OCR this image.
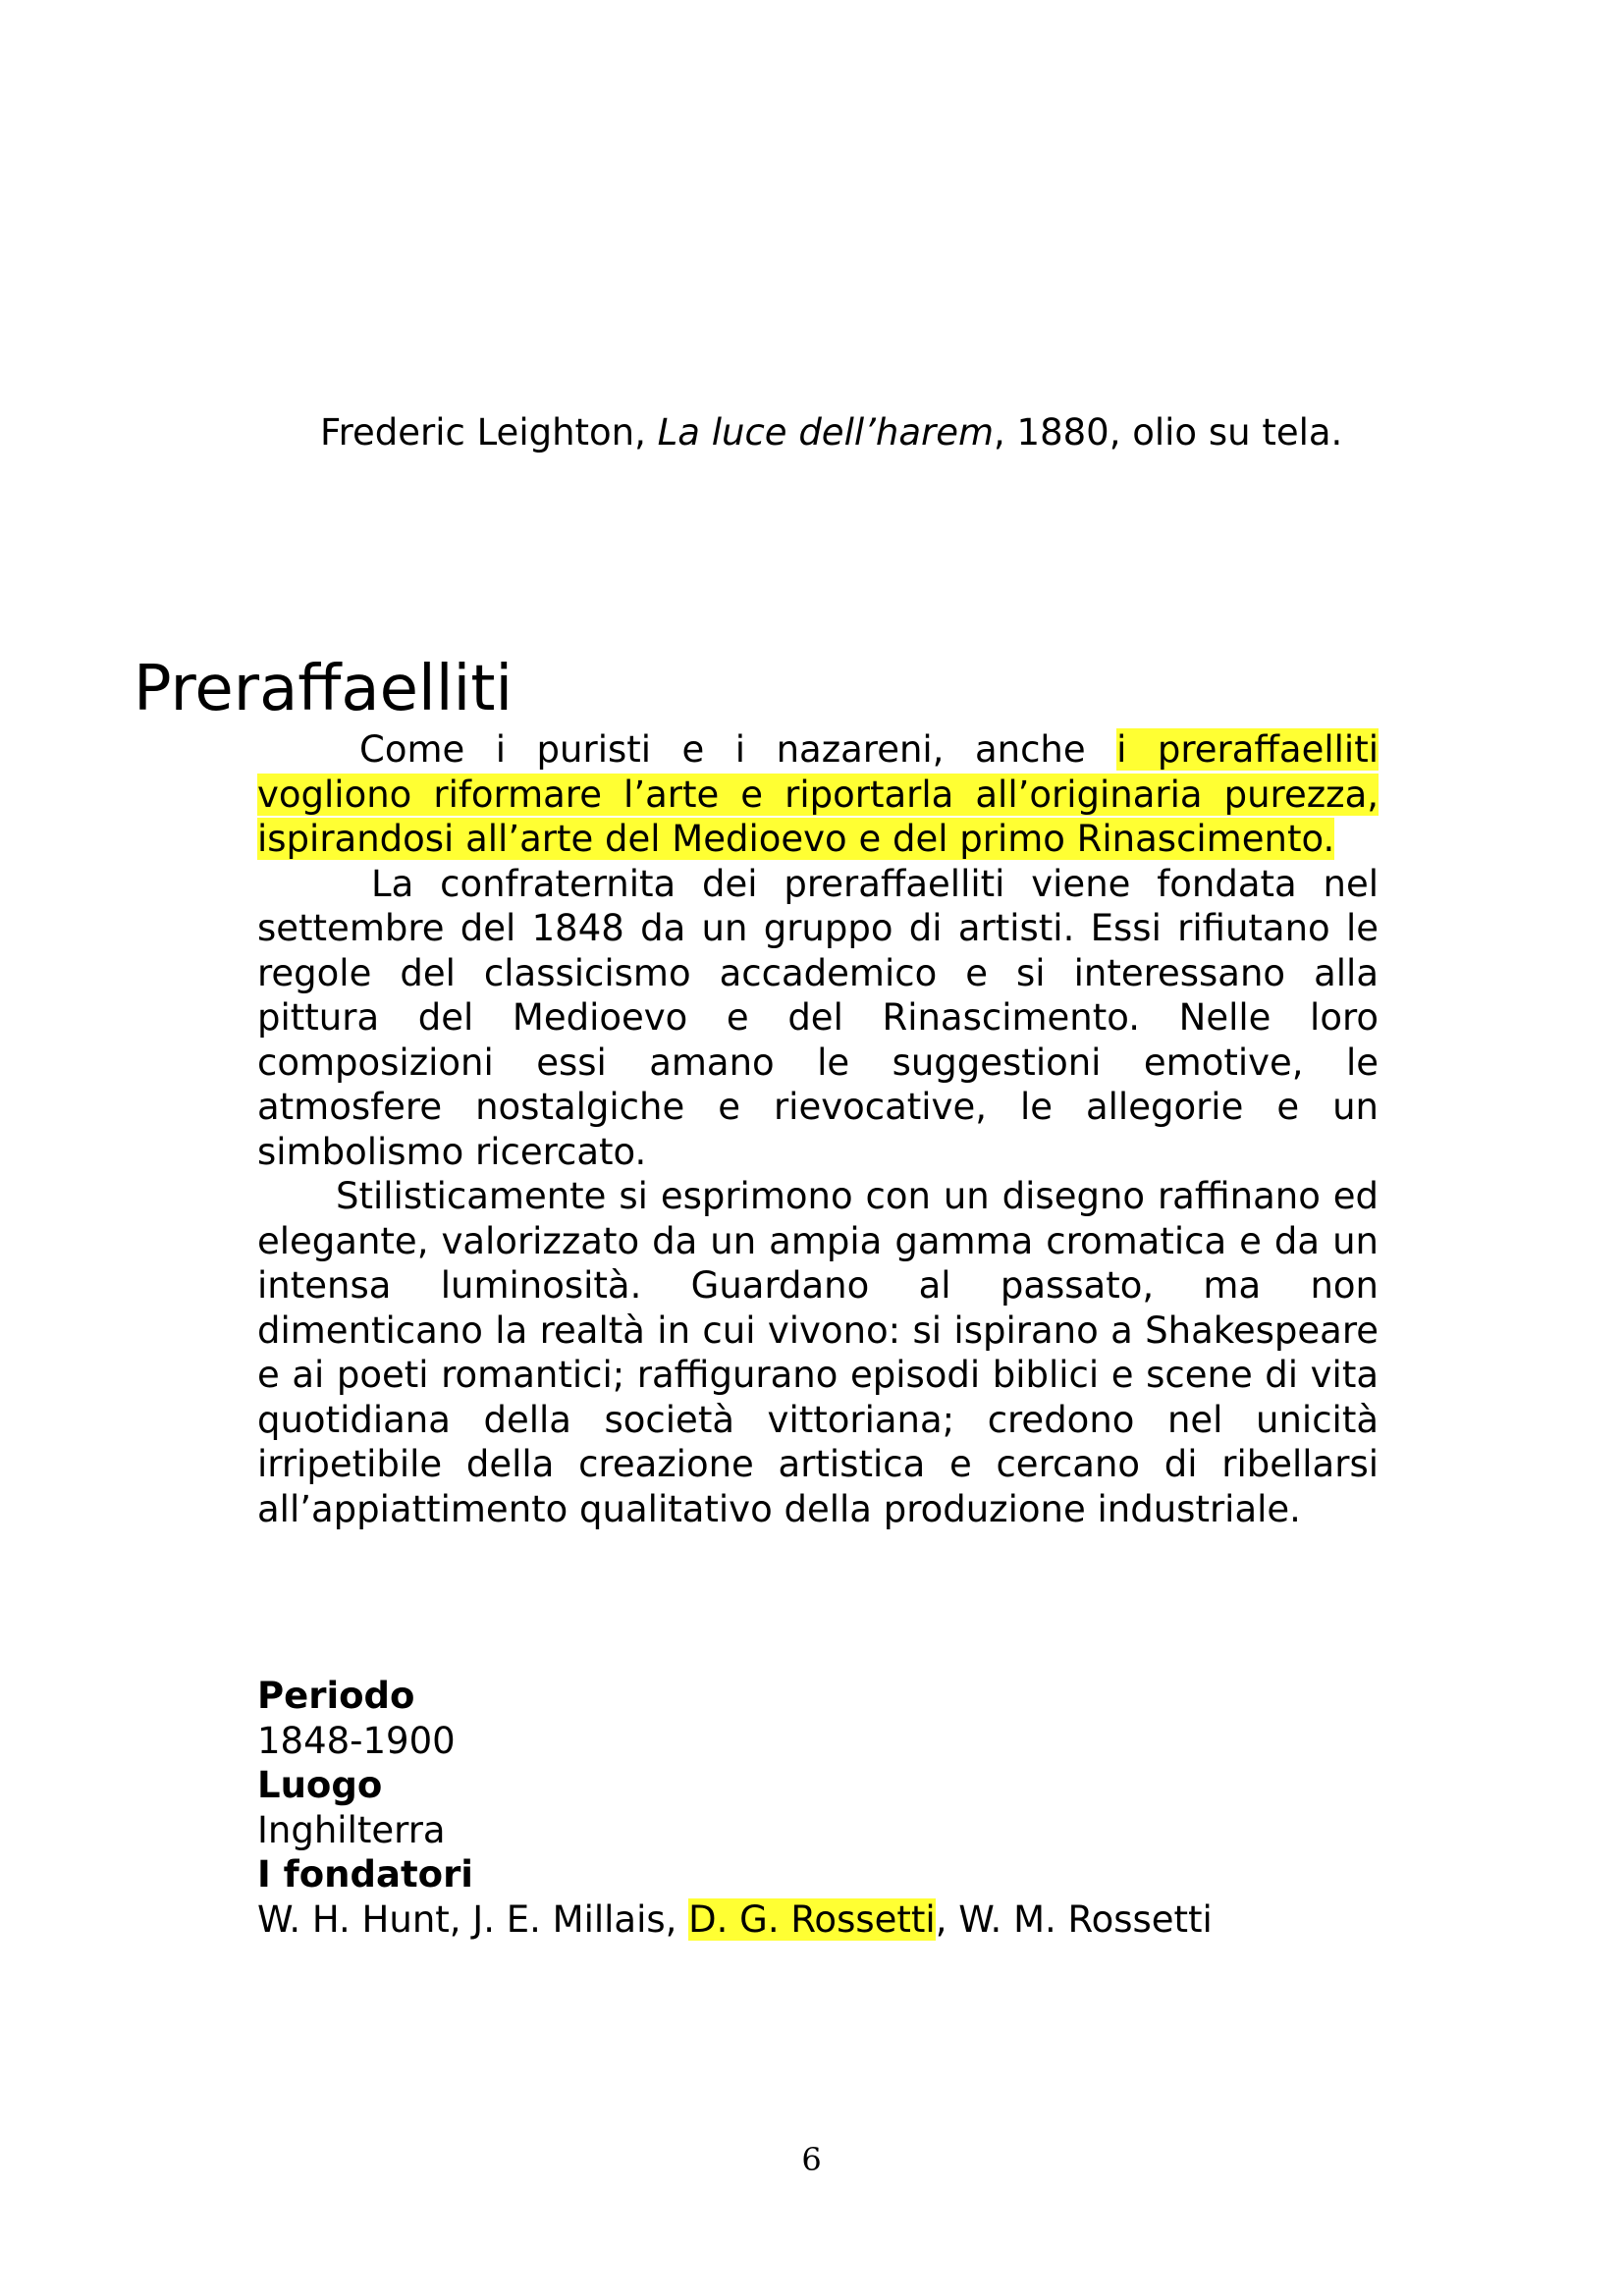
Frederic Leighton, La luce dell’harem, 1880, olio su tela.

Preraffaelliti

Come i puristi e i nazareni, anche i preraffaelliti vogliono riformare l’arte e riportarla all’originaria purezza, ispirandosi all’arte del Medioevo e del primo Rinascimento.

La confraternita dei preraffaelliti viene fondata nel settembre del 1848 da un gruppo di artisti. Essi rifiutano le regole del classicismo accademico e si interessano alla pittura del Medioevo e del Rinascimento. Nelle loro composizioni essi amano le suggestioni emotive, le atmosfere nostalgiche e rievocative, le allegorie e un simbolismo ricercato.

Stilisticamente si esprimono con un disegno raffinano ed elegante, valorizzato da un ampia gamma cromatica e da un intensa luminosità. Guardano al passato, ma non dimenticano la realtà in cui vivono: si ispirano a Shakespeare e ai poeti romantici; raffigurano episodi biblici e scene di vita quotidiana della società vittoriana; credono nel unicità irripetibile della creazione artistica e cercano di ribellarsi all’appiattimento qualitativo della produzione industriale.

Periodo
1848-1900
Luogo
Inghilterra
I fondatori
W. H. Hunt, J. E. Millais, D. G. Rossetti, W. M. Rossetti
6
